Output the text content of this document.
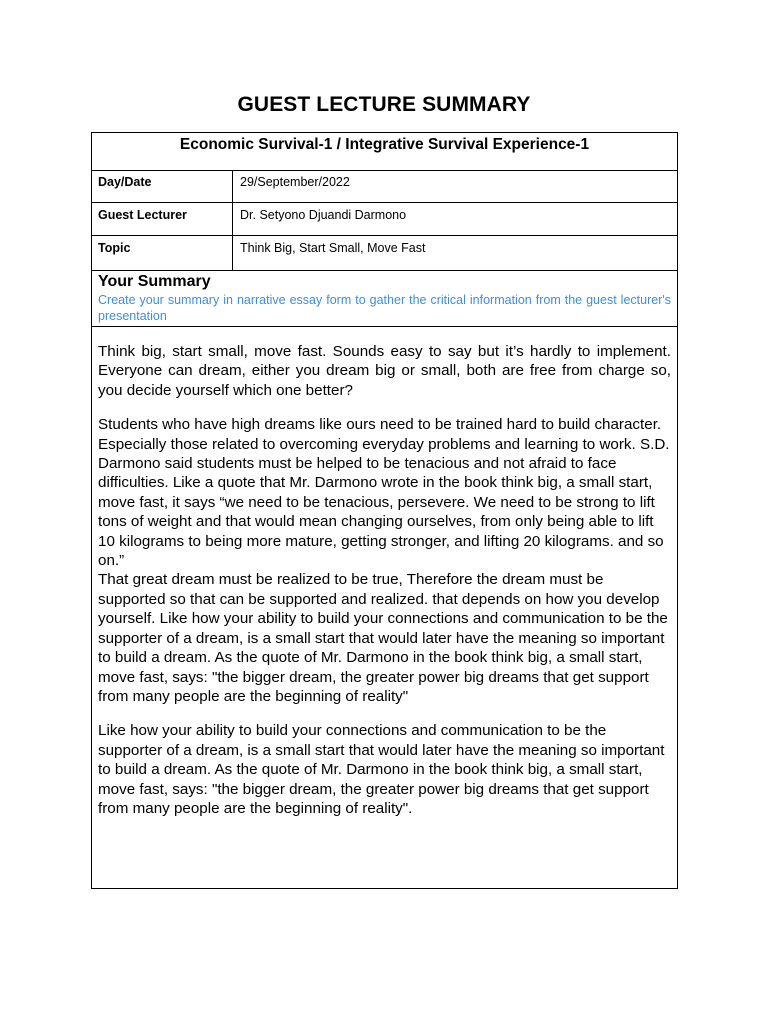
GUEST LECTURE SUMMARY
Economic Survival-1 / Integrative Survival Experience-1
Day/Date	29/September/2022
Guest Lecturer	Dr. Setyono Djuandi Darmono
Topic	Think Big, Start Small, Move Fast
Your Summary
Create your summary in narrative essay form to gather the critical information from the guest lecturer's presentation

Think big, start small, move fast. Sounds easy to say but it’s hardly to implement. Everyone can dream, either you dream big or small, both are free from charge so, you decide yourself which one better?

Students who have high dreams like ours need to be trained hard to build character. Especially those related to overcoming everyday problems and learning to work. S.D. Darmono said students must be helped to be tenacious and not afraid to face difficulties. Like a quote that Mr. Darmono wrote in the book think big, a small start, move fast, it says “we need to be tenacious, persevere. We need to be strong to lift tons of weight and that would mean changing ourselves, from only being able to lift 10 kilograms to being more mature, getting stronger, and lifting 20 kilograms. and so on.”

That great dream must be realized to be true, Therefore the dream must be supported so that can be supported and realized. that depends on how you develop yourself. Like how your ability to build your connections and communication to be the supporter of a dream, is a small start that would later have the meaning so important to build a dream. As the quote of Mr. Darmono in the book think big, a small start, move fast, says: "the bigger dream, the greater power big dreams that get support from many people are the beginning of reality"

Like how your ability to build your connections and communication to be the supporter of a dream, is a small start that would later have the meaning so important to build a dream. As the quote of Mr. Darmono in the book think big, a small start, move fast, says: "the bigger dream, the greater power big dreams that get support from many people are the beginning of reality".
